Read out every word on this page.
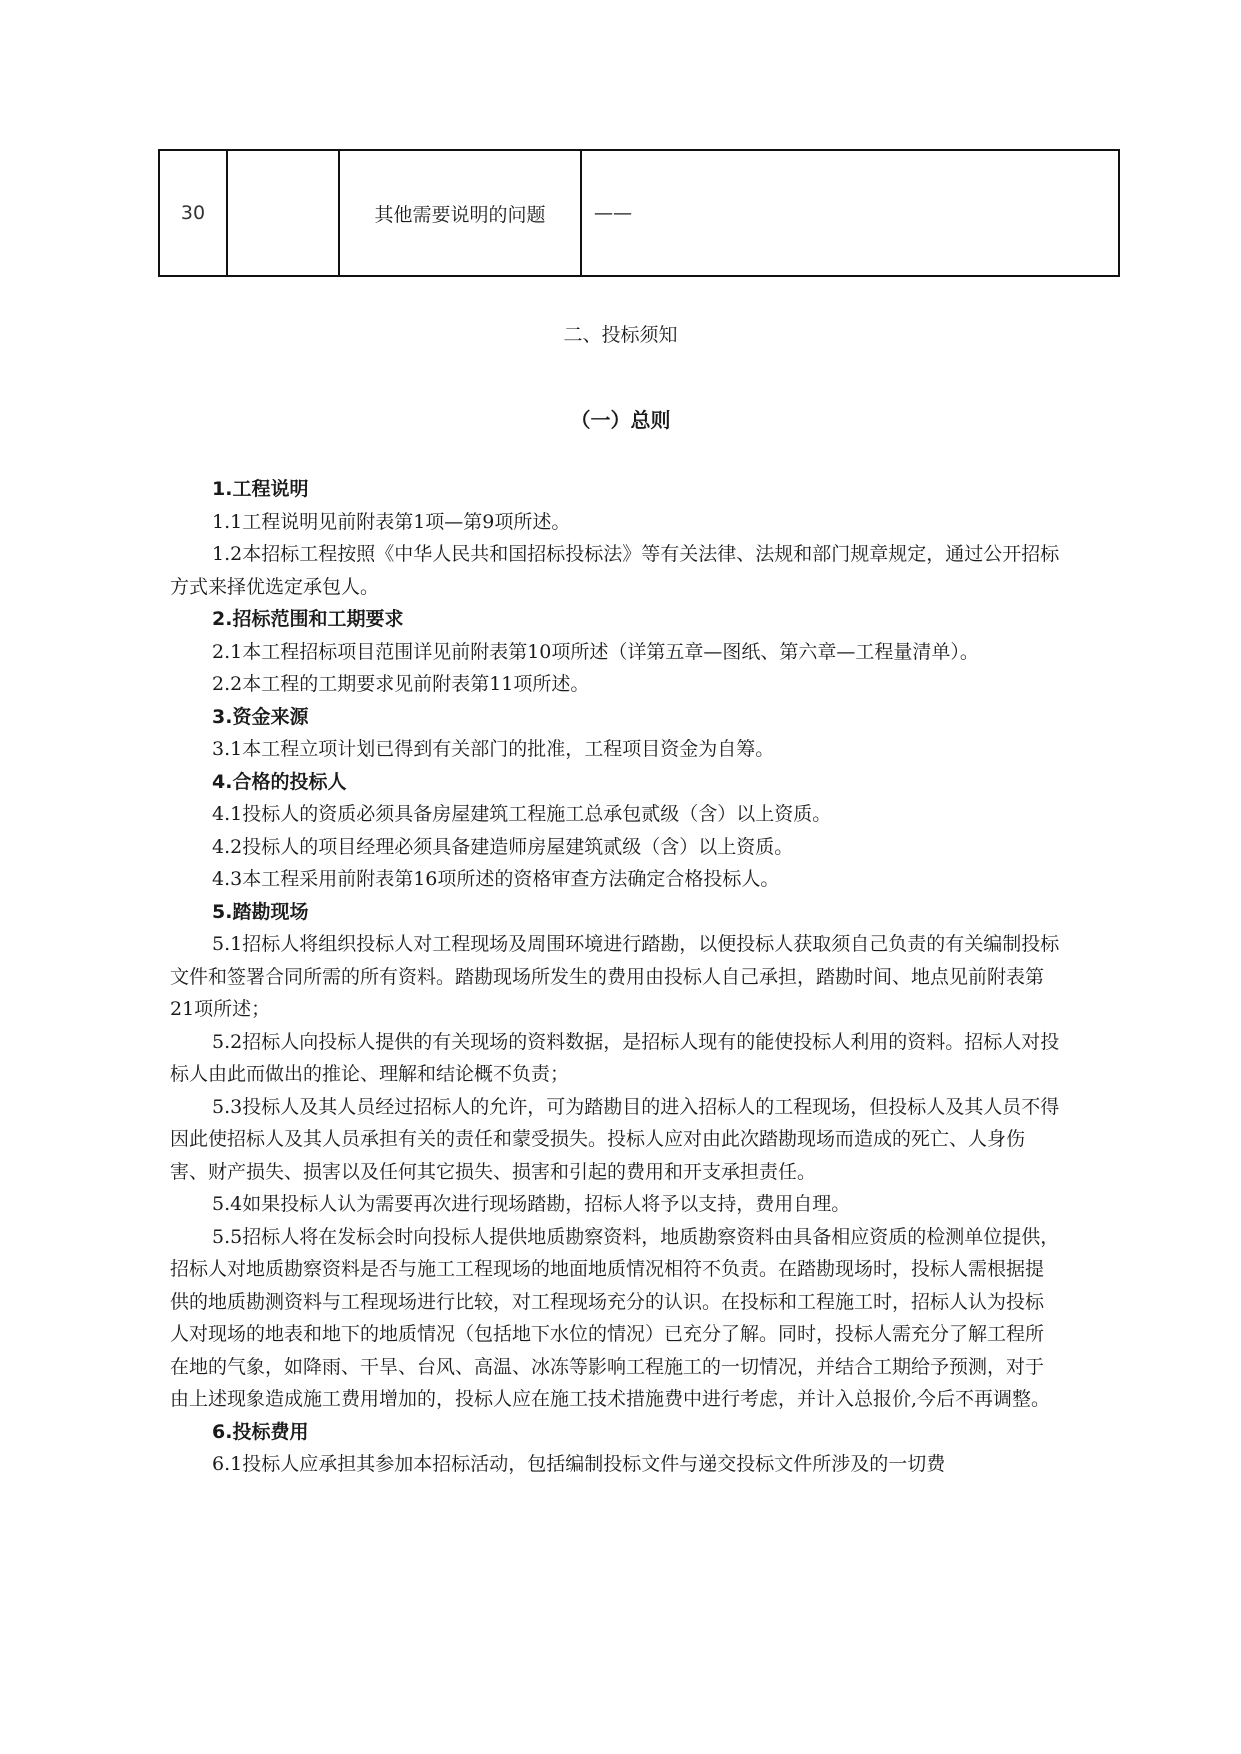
30		其他需要说明的问题	——
二、投标须知
（一）总则

1.工程说明

1.1工程说明见前附表第1项—第9项所述。

1.2本招标工程按照《中华人民共和国招标投标法》等有关法律、法规和部门规章规定，通过公开招标方式来择优选定承包人。

2.招标范围和工期要求

2.1本工程招标项目范围详见前附表第10项所述（详第五章—图纸、第六章—工程量清单）。

2.2本工程的工期要求见前附表第11项所述。

3.资金来源

3.1本工程立项计划已得到有关部门的批准，工程项目资金为自筹。

4.合格的投标人

4.1投标人的资质必须具备房屋建筑工程施工总承包贰级（含）以上资质。

4.2投标人的项目经理必须具备建造师房屋建筑贰级（含）以上资质。

4.3本工程采用前附表第16项所述的资格审查方法确定合格投标人。

5.踏勘现场

5.1招标人将组织投标人对工程现场及周围环境进行踏勘，以便投标人获取须自己负责的有关编制投标文件和签署合同所需的所有资料。踏勘现场所发生的费用由投标人自己承担，踏勘时间、地点见前附表第21项所述；

5.2招标人向投标人提供的有关现场的资料数据，是招标人现有的能使投标人利用的资料。招标人对投标人由此而做出的推论、理解和结论概不负责；

5.3投标人及其人员经过招标人的允许，可为踏勘目的进入招标人的工程现场，但投标人及其人员不得因此使招标人及其人员承担有关的责任和蒙受损失。投标人应对由此次踏勘现场而造成的死亡、人身伤害、财产损失、损害以及任何其它损失、损害和引起的费用和开支承担责任。

5.4如果投标人认为需要再次进行现场踏勘，招标人将予以支持，费用自理。

5.5招标人将在发标会时向投标人提供地质勘察资料，地质勘察资料由具备相应资质的检测单位提供，招标人对地质勘察资料是否与施工工程现场的地面地质情况相符不负责。在踏勘现场时，投标人需根据提供的地质勘测资料与工程现场进行比较，对工程现场充分的认识。在投标和工程施工时，招标人认为投标人对现场的地表和地下的地质情况（包括地下水位的情况）已充分了解。同时，投标人需充分了解工程所在地的气象，如降雨、干旱、台风、高温、冰冻等影响工程施工的一切情况，并结合工期给予预测，对于由上述现象造成施工费用增加的，投标人应在施工技术措施费中进行考虑，并计入总报价,今后不再调整。

6.投标费用

6.1投标人应承担其参加本招标活动，包括编制投标文件与递交投标文件所涉及的一切费
